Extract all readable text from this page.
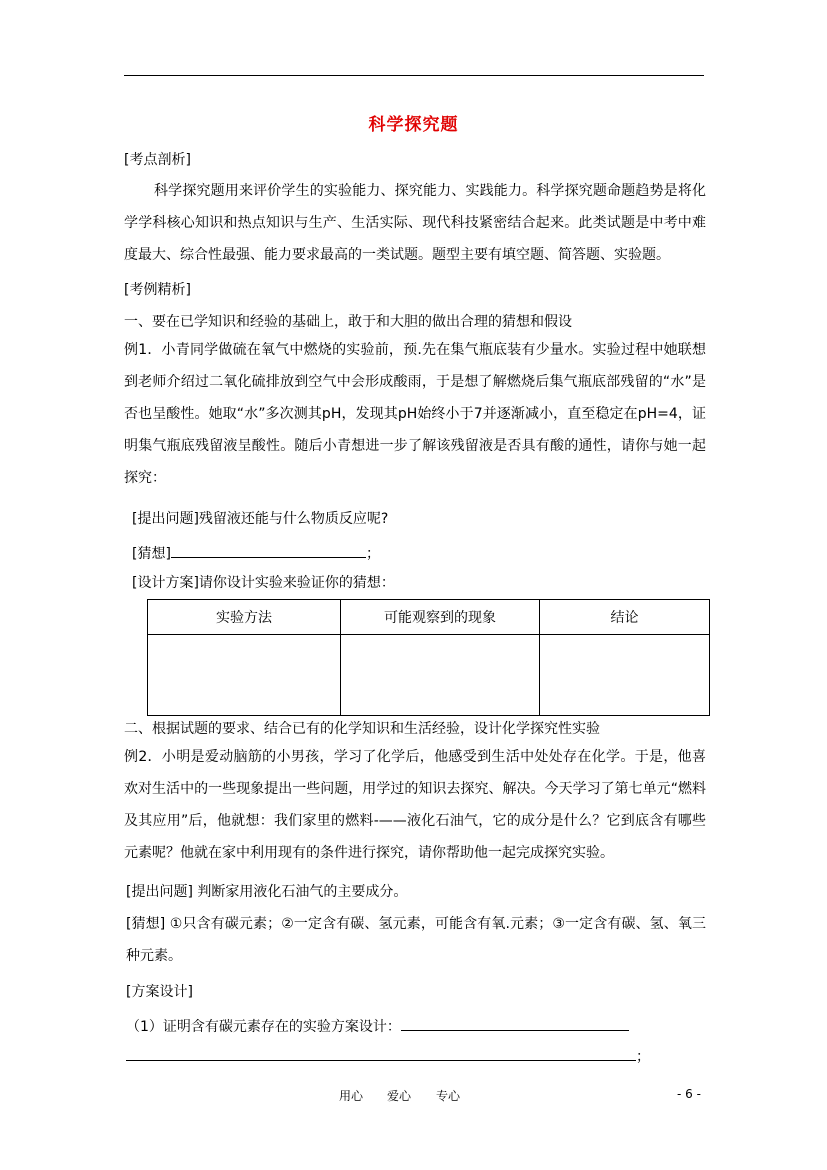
科学探究题
[考点剖析]
科学探究题用来评价学生的实验能力、探究能力、实践能力。科学探究题命题趋势是将化学学科核心知识和热点知识与生产、生活实际、现代科技紧密结合起来。此类试题是中考中难度最大、综合性最强、能力要求最高的一类试题。题型主要有填空题、简答题、实验题。
[考例精析]
一、要在已学知识和经验的基础上，敢于和大胆的做出合理的猜想和假设
例1．小青同学做硫在氧气中燃烧的实验前，预.先在集气瓶底装有少量水。实验过程中她联想到老师介绍过二氧化硫排放到空气中会形成酸雨，于是想了解燃烧后集气瓶底部残留的“水”是否也呈酸性。她取“水”多次测其pH，发现其pH始终小于7并逐渐减小，直至稳定在pH=4，证明集气瓶底残留液呈酸性。随后小青想进一步了解该残留液是否具有酸的通性，请你与她一起探究：
[提出问题]残留液还能与什么物质反应呢?
[猜想]	；
[设计方案]请你设计实验来验证你的猜想：
实验方法	可能观察到的现象	结论

二、根据试题的要求、结合已有的化学知识和生活经验，设计化学探究性实验
例2．小明是爱动脑筋的小男孩，学习了化学后，他感受到生活中处处存在化学。于是，他喜欢对生活中的一些现象提出一些问题，用学过的知识去探究、解决。今天学习了第七单元“燃料及其应用”后，他就想：我们家里的燃料-——液化石油气，它的成分是什么？它到底含有哪些元素呢？他就在家中利用现有的条件进行探究，请你帮助他一起完成探究实验。
[提出问题] 判断家用液化石油气的主要成分。
[猜想] ①只含有碳元素；②一定含有碳、氢元素，可能含有氧.元素；③一定含有碳、氢、氧三种元素。
[方案设计]
（1）证明含有碳元素存在的实验方案设计：
；
用心 爱心 专心	- 6 -
